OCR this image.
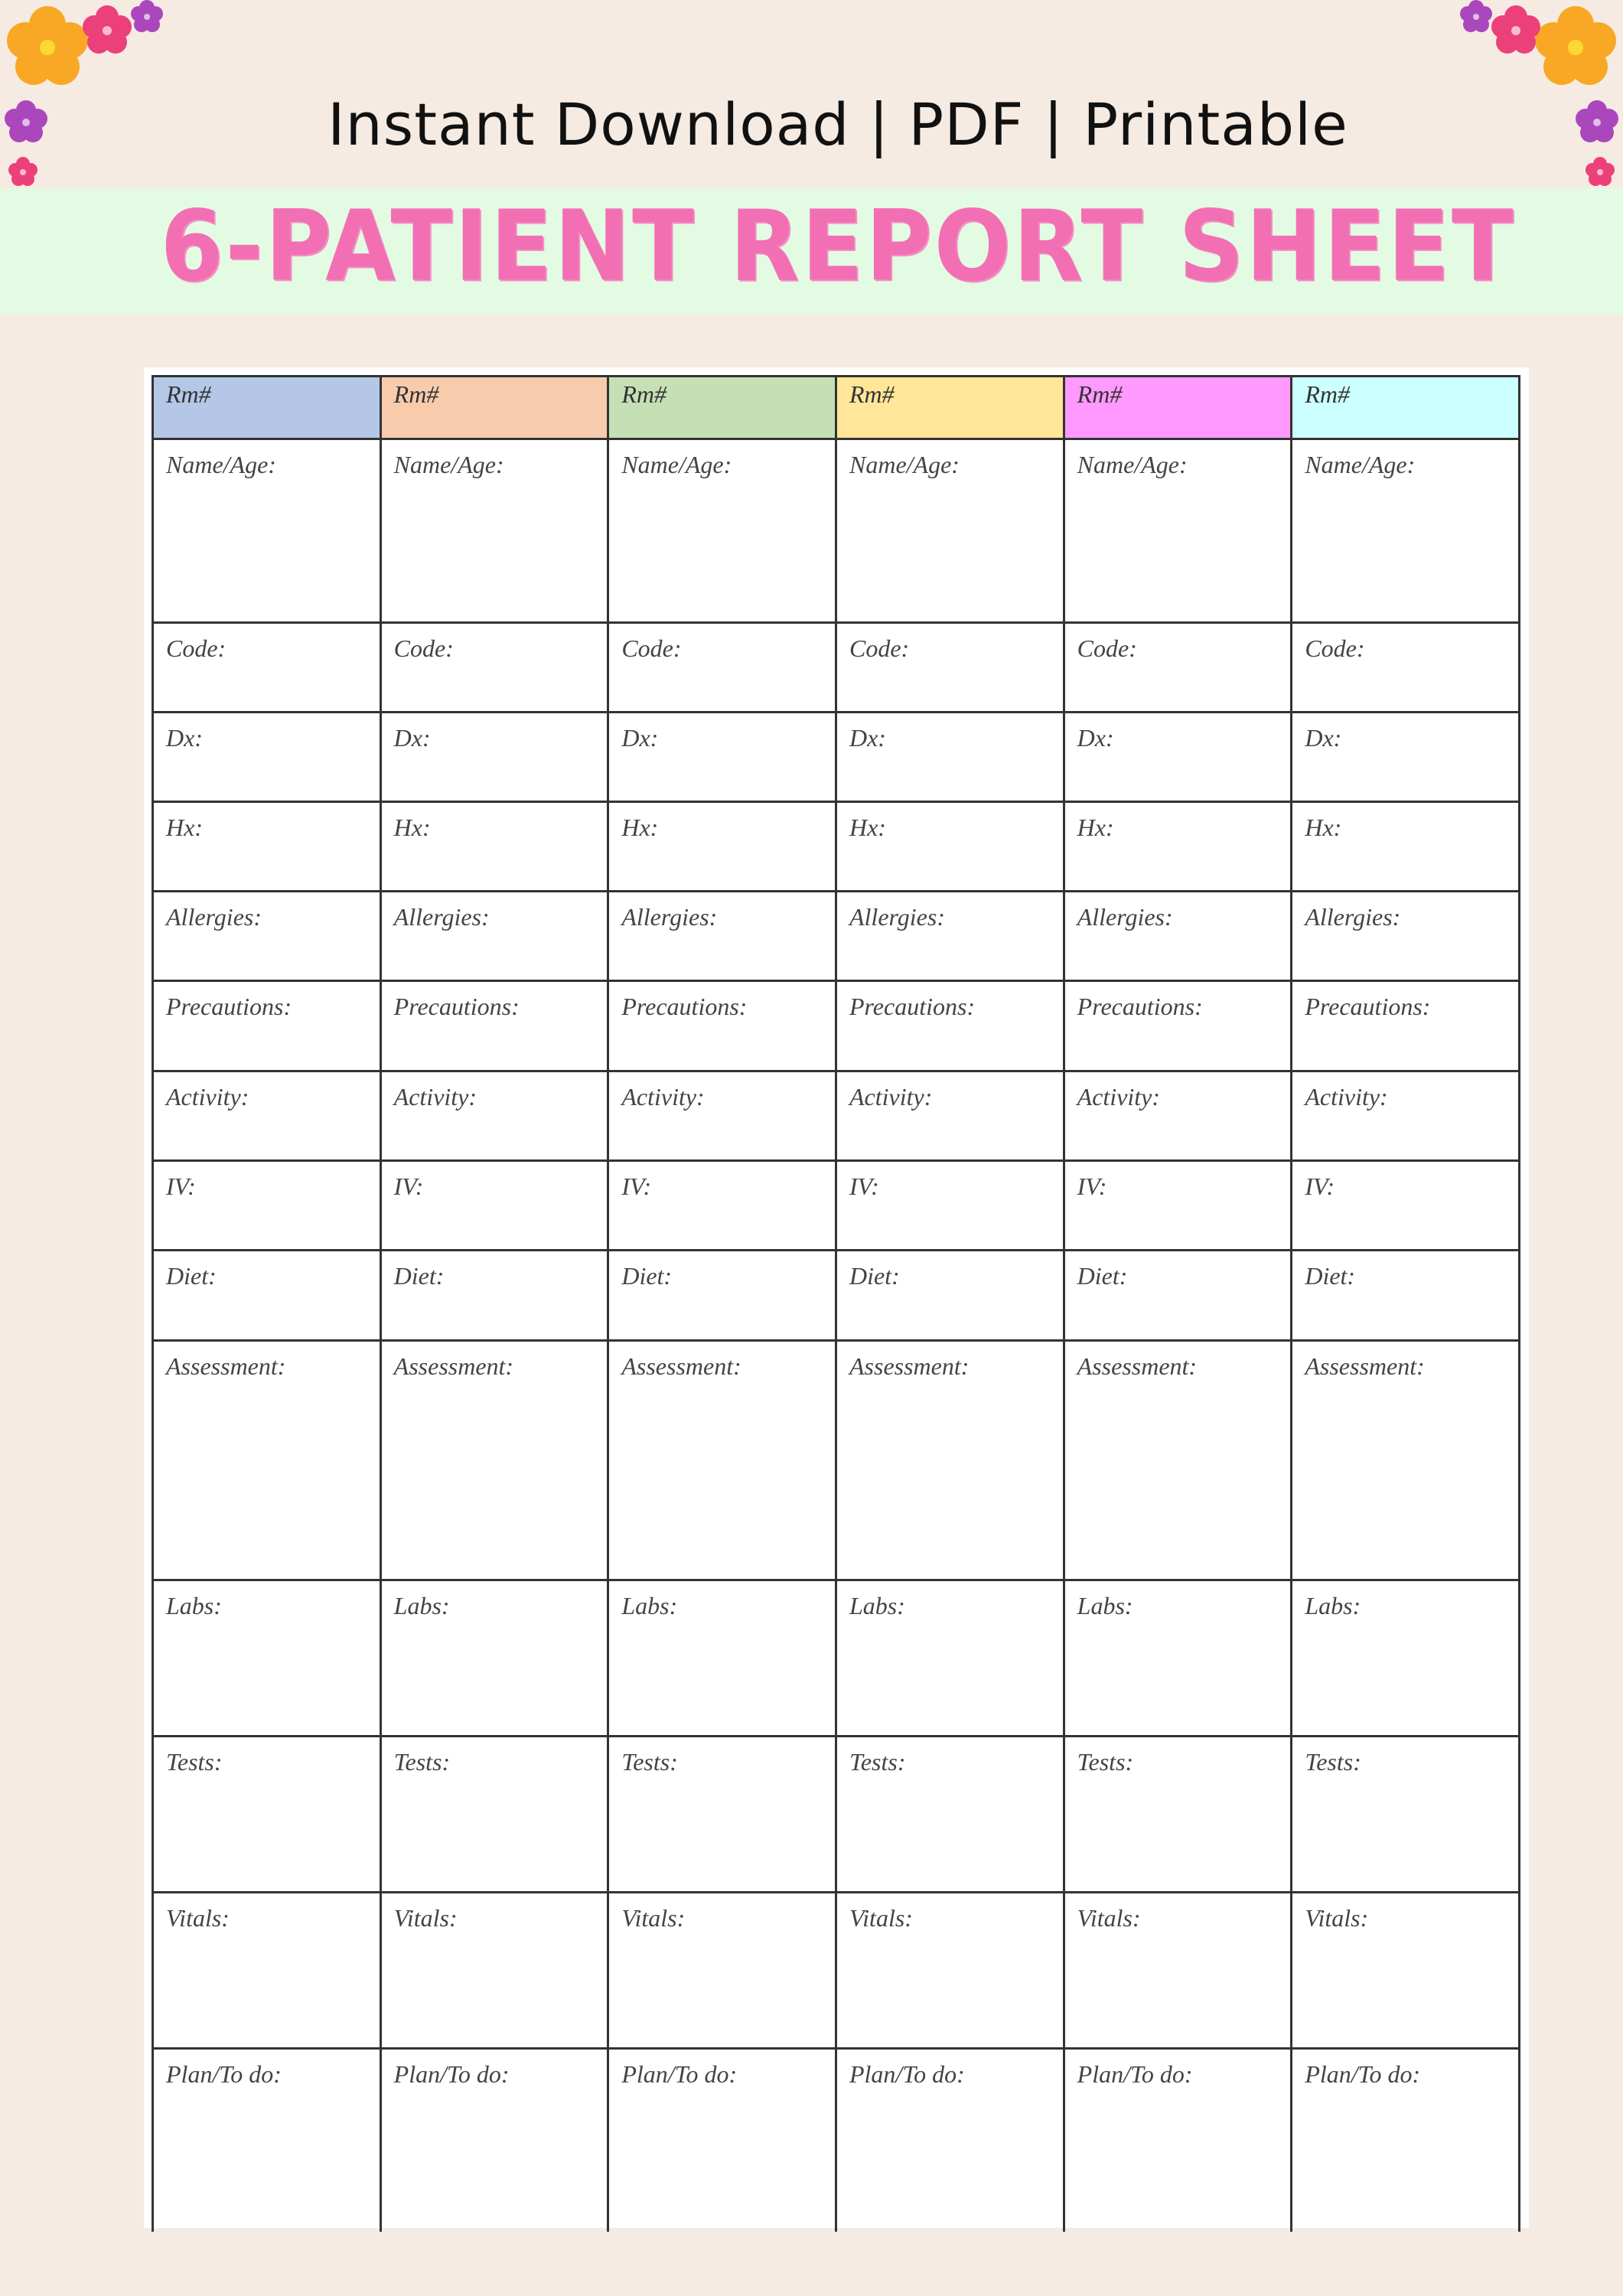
Instant Download | PDF | Printable
6-PATIENT REPORT SHEET
Rm#	Rm#	Rm#	Rm#	Rm#	Rm#
Name/Age:	Name/Age:	Name/Age:	Name/Age:	Name/Age:	Name/Age:
Code:	Code:	Code:	Code:	Code:	Code:
Dx:	Dx:	Dx:	Dx:	Dx:	Dx:
Hx:	Hx:	Hx:	Hx:	Hx:	Hx:
Allergies:	Allergies:	Allergies:	Allergies:	Allergies:	Allergies:
Precautions:	Precautions:	Precautions:	Precautions:	Precautions:	Precautions:
Activity:	Activity:	Activity:	Activity:	Activity:	Activity:
IV:	IV:	IV:	IV:	IV:	IV:
Diet:	Diet:	Diet:	Diet:	Diet:	Diet:
Assessment:	Assessment:	Assessment:	Assessment:	Assessment:	Assessment:
Labs:	Labs:	Labs:	Labs:	Labs:	Labs:
Tests:	Tests:	Tests:	Tests:	Tests:	Tests:
Vitals:	Vitals:	Vitals:	Vitals:	Vitals:	Vitals:
Plan/To do:	Plan/To do:	Plan/To do:	Plan/To do:	Plan/To do:	Plan/To do:
